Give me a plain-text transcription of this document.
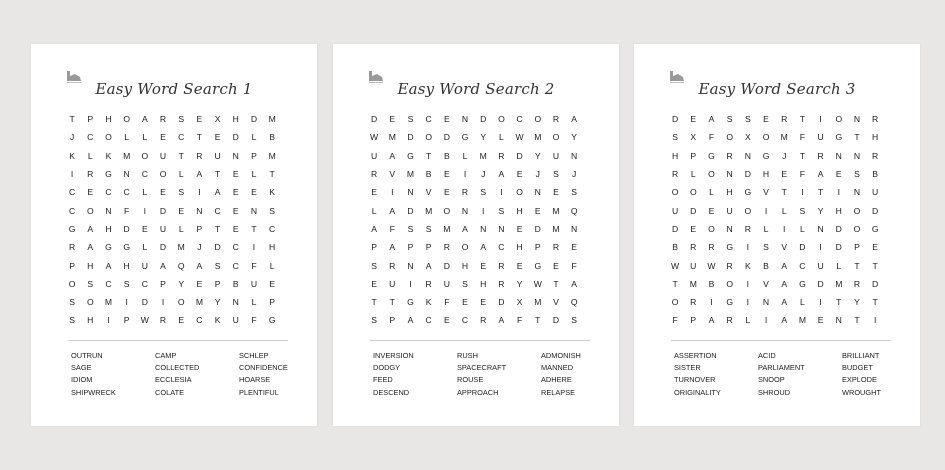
Easy Word Search 1
T	P	H	O	A	R	S	E	X	H	D	M
J	C	O	L	L	E	C	T	E	D	L	B
K	L	K	M	O	U	T	R	U	N	P	M
I	R	G	N	C	O	L	A	T	E	L	T
C	E	C	C	L	E	S	I	A	E	E	K
C	O	N	F	I	D	E	N	C	E	N	S
G	A	H	D	E	U	L	P	T	E	T	C
R	A	G	G	L	D	M	J	D	C	I	H
P	H	A	H	U	A	Q	A	S	C	F	L
O	S	C	S	C	P	Y	E	P	B	U	E
S	O	M	I	D	I	O	M	Y	N	L	P
S	H	I	P	W	R	E	C	K	U	F	G
OUTRUN	CAMP	SCHLEP
SAGE	COLLECTED	CONFIDENCE
IDIOM	ECCLESIA	HOARSE
SHIPWRECK	COLATE	PLENTIFUL
Easy Word Search 2
D	E	S	C	E	N	D	O	C	O	R	A
W	M	D	O	D	G	Y	L	W	M	O	Y
U	A	G	T	B	L	M	R	D	Y	U	N
R	V	M	B	E	I	J	A	E	J	S	J
E	I	N	V	E	R	S	I	O	N	E	S
L	A	D	M	O	N	I	S	H	E	M	Q
A	F	S	S	M	A	N	N	E	D	M	N
P	A	P	P	R	O	A	C	H	P	R	E
S	R	N	A	D	H	E	R	E	G	E	F
E	U	I	R	U	S	H	R	Y	W	T	A
T	T	G	K	F	E	E	D	X	M	V	Q
S	P	A	C	E	C	R	A	F	T	D	S
INVERSION	RUSH	ADMONISH
DODGY	SPACECRAFT	MANNED
FEED	ROUSE	ADHERE
DESCEND	APPROACH	RELAPSE
Easy Word Search 3
D	E	A	S	S	E	R	T	I	O	N	R
S	X	F	O	X	O	M	F	U	G	T	H
H	P	G	R	N	G	J	T	R	N	N	R
R	L	O	N	D	H	E	F	A	E	S	B
O	O	L	H	G	V	T	I	T	I	N	U
U	D	E	U	O	I	L	S	Y	H	O	D
D	E	O	N	R	L	I	L	N	D	O	G
B	R	R	G	I	S	V	D	I	D	P	E
W	U	W	R	K	B	A	C	U	L	T	T
T	M	B	O	I	V	A	G	D	M	R	D
O	R	I	G	I	N	A	L	I	T	Y	T
F	P	A	R	L	I	A	M	E	N	T	I
ASSERTION	ACID	BRILLIANT
SISTER	PARLIAMENT	BUDGET
TURNOVER	SNOOP	EXPLODE
ORIGINALITY	SHROUD	WROUGHT
